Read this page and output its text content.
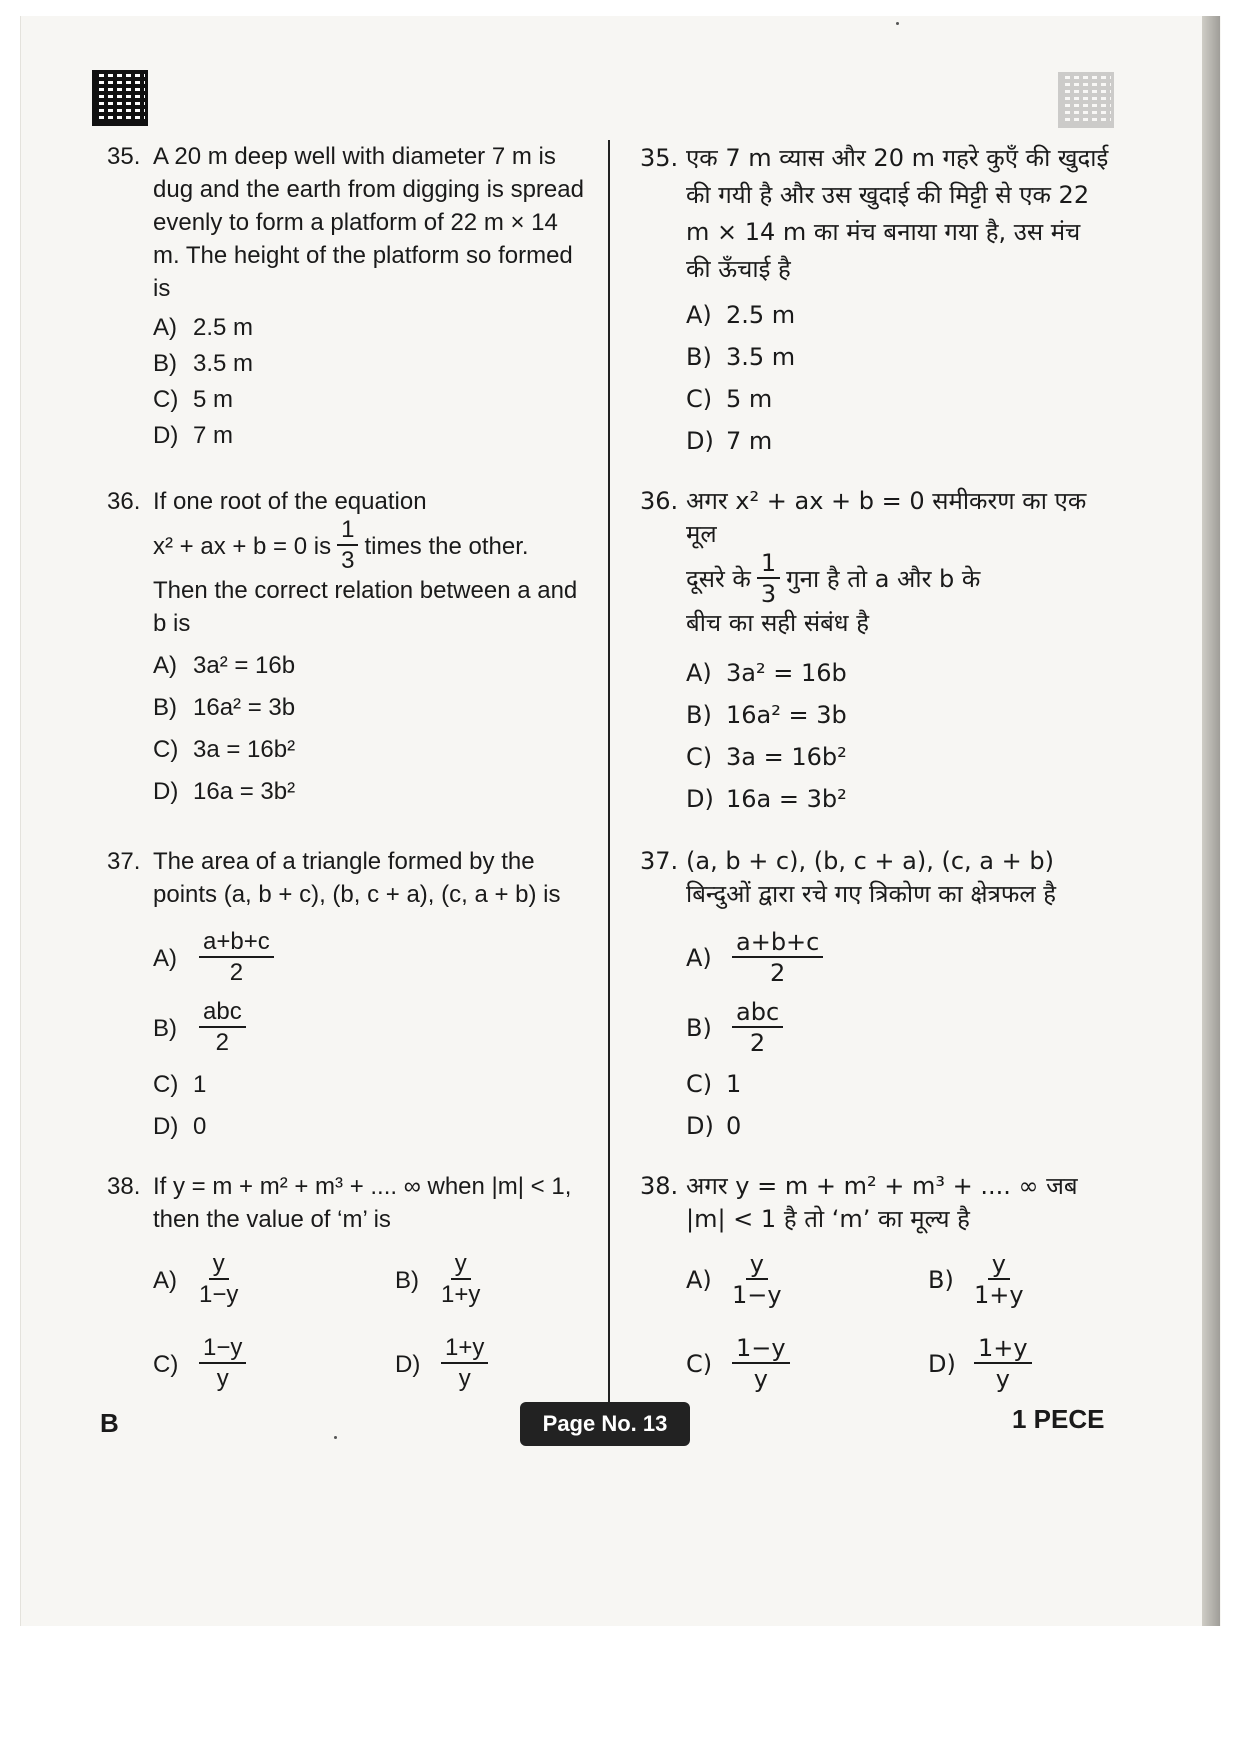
35. A 20 m deep well with diameter 7 m is dug and the earth from digging is spread evenly to form a platform of 22 m × 14 m. The height of the platform so formed is
A) 2.5 m
B) 3.5 m
C) 5 m
D) 7 m
36. If one root of the equation
x² + ax + b = 0 is $\frac{1}{3}$ times the other.
Then the correct relation between a and b is
A) 3a² = 16b
B) 16a² = 3b
C) 3a = 16b²
D) 16a = 3b²
37. The area of a triangle formed by the points (a, b + c), (b, c + a), (c, a + b) is
$A) \frac{a+b+c}{2}$
$B) \frac{\text{abc}}{2}$
C) 1
D) 0
38. If y = m + m² + m³ + .... ∞ when |m| < 1, then the value of ‘m’ is
$A) \frac{y}{1-y}$	$B) \frac{y}{1+y}$
$C) \frac{1-y}{y}$	$D) \frac{1+y}{y}$
35. एक 7 m व्यास और 20 m गहरे कुएँ की खुदाई की गयी है और उस खुदाई की मिट्टी से एक 22 m × 14 m का मंच बनाया गया है, उस मंच की ऊँचाई है
A) 2.5 m
B) 3.5 m
C) 5 m
D) 7 m
36. अगर x² + ax + b = 0 समीकरण का एक मूल
दूसरे के $\frac{1}{3}$ गुना है तो a और b के
बीच का सही संबंध है
A) 3a² = 16b
B) 16a² = 3b
C) 3a = 16b²
D) 16a = 3b²
37. (a, b + c), (b, c + a), (c, a + b) बिन्दुओं द्वारा रचे गए त्रिकोण का क्षेत्रफल है
$A) \frac{a+b+c}{2}$
$B) \frac{\text{abc}}{2}$
C) 1
D) 0
38. अगर y = m + m² + m³ + .... ∞ जब |m| < 1 है तो ‘m’ का मूल्य है
$A) \frac{y}{1-y}$	$B) \frac{y}{1+y}$
$C) \frac{1-y}{y}$	$D) \frac{1+y}{y}$
B	Page No. 13	1 PECE
